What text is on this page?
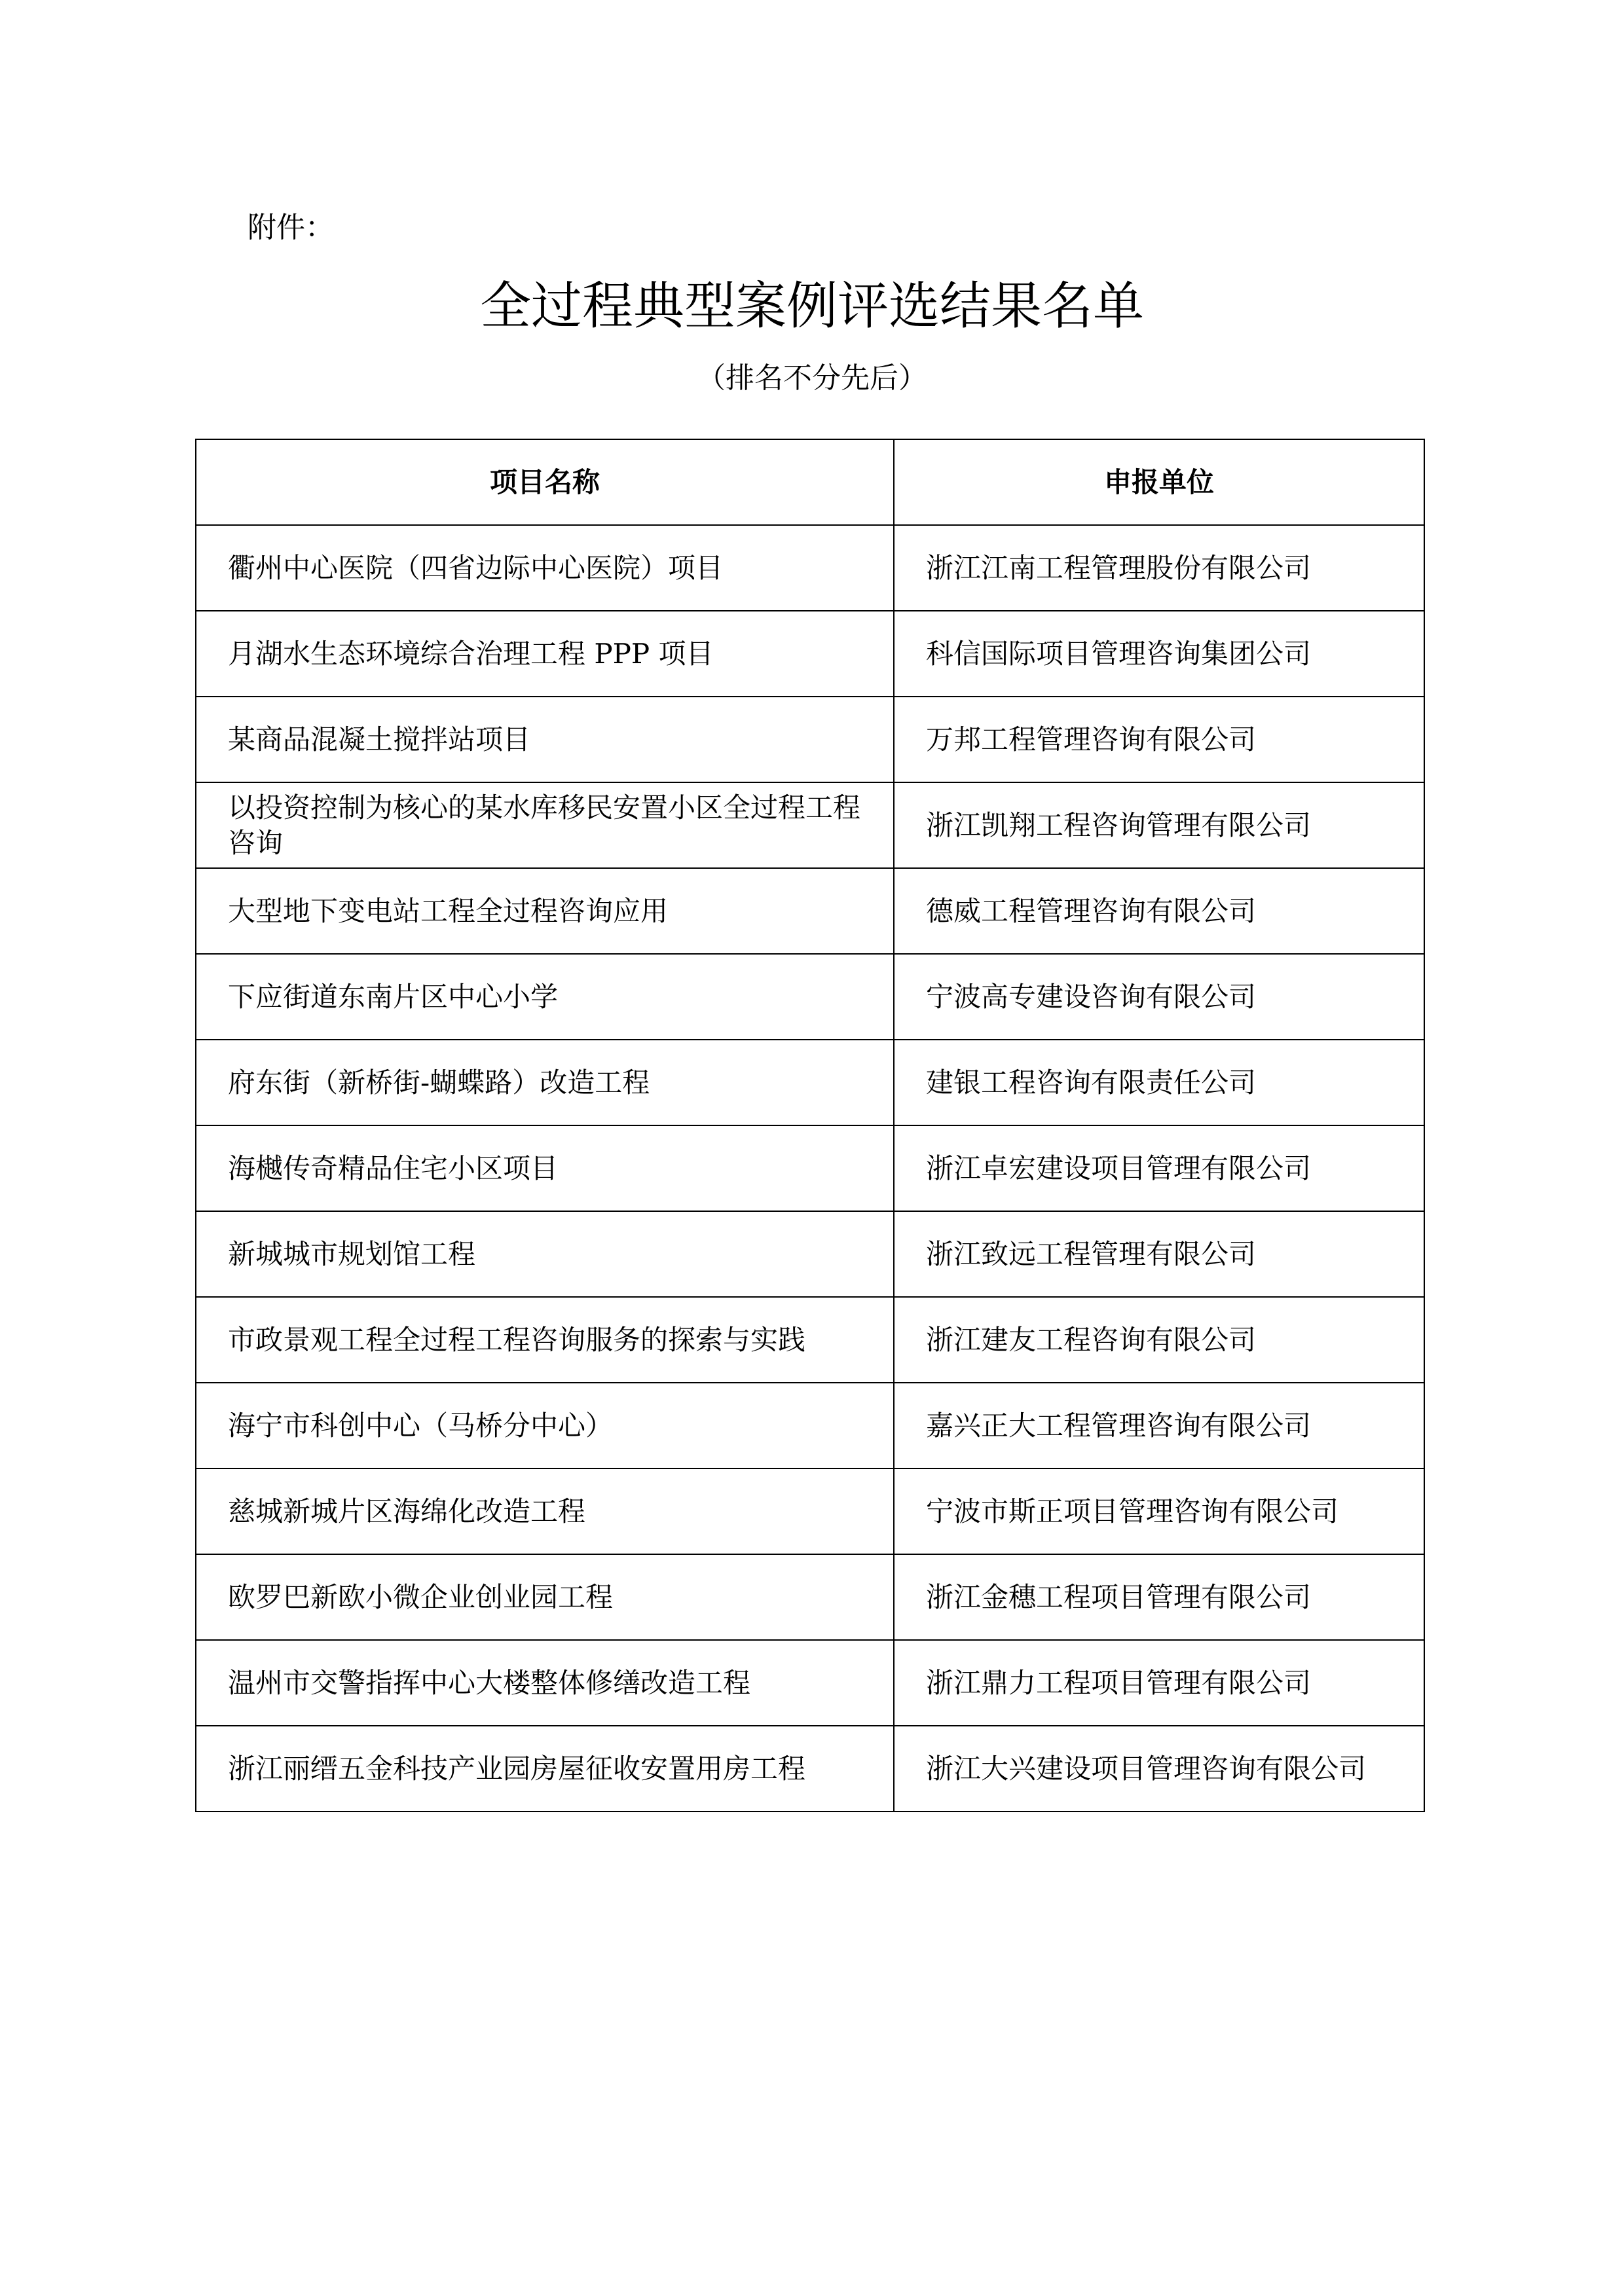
附件：
全过程典型案例评选结果名单
（排名不分先后）
项目名称	申报单位
衢州中心医院（四省边际中心医院）项目	浙江江南工程管理股份有限公司
月湖水生态环境综合治理工程 PPP 项目	科信国际项目管理咨询集团公司
某商品混凝土搅拌站项目	万邦工程管理咨询有限公司
以投资控制为核心的某水库移民安置小区全过程工程咨询	浙江凯翔工程咨询管理有限公司
大型地下变电站工程全过程咨询应用	德威工程管理咨询有限公司
下应街道东南片区中心小学	宁波高专建设咨询有限公司
府东街（新桥街-蝴蝶路）改造工程	建银工程咨询有限责任公司
海樾传奇精品住宅小区项目	浙江卓宏建设项目管理有限公司
新城城市规划馆工程	浙江致远工程管理有限公司
市政景观工程全过程工程咨询服务的探索与实践	浙江建友工程咨询有限公司
海宁市科创中心（马桥分中心）	嘉兴正大工程管理咨询有限公司
慈城新城片区海绵化改造工程	宁波市斯正项目管理咨询有限公司
欧罗巴新欧小微企业创业园工程	浙江金穗工程项目管理有限公司
温州市交警指挥中心大楼整体修缮改造工程	浙江鼎力工程项目管理有限公司
浙江丽缙五金科技产业园房屋征收安置用房工程	浙江大兴建设项目管理咨询有限公司
